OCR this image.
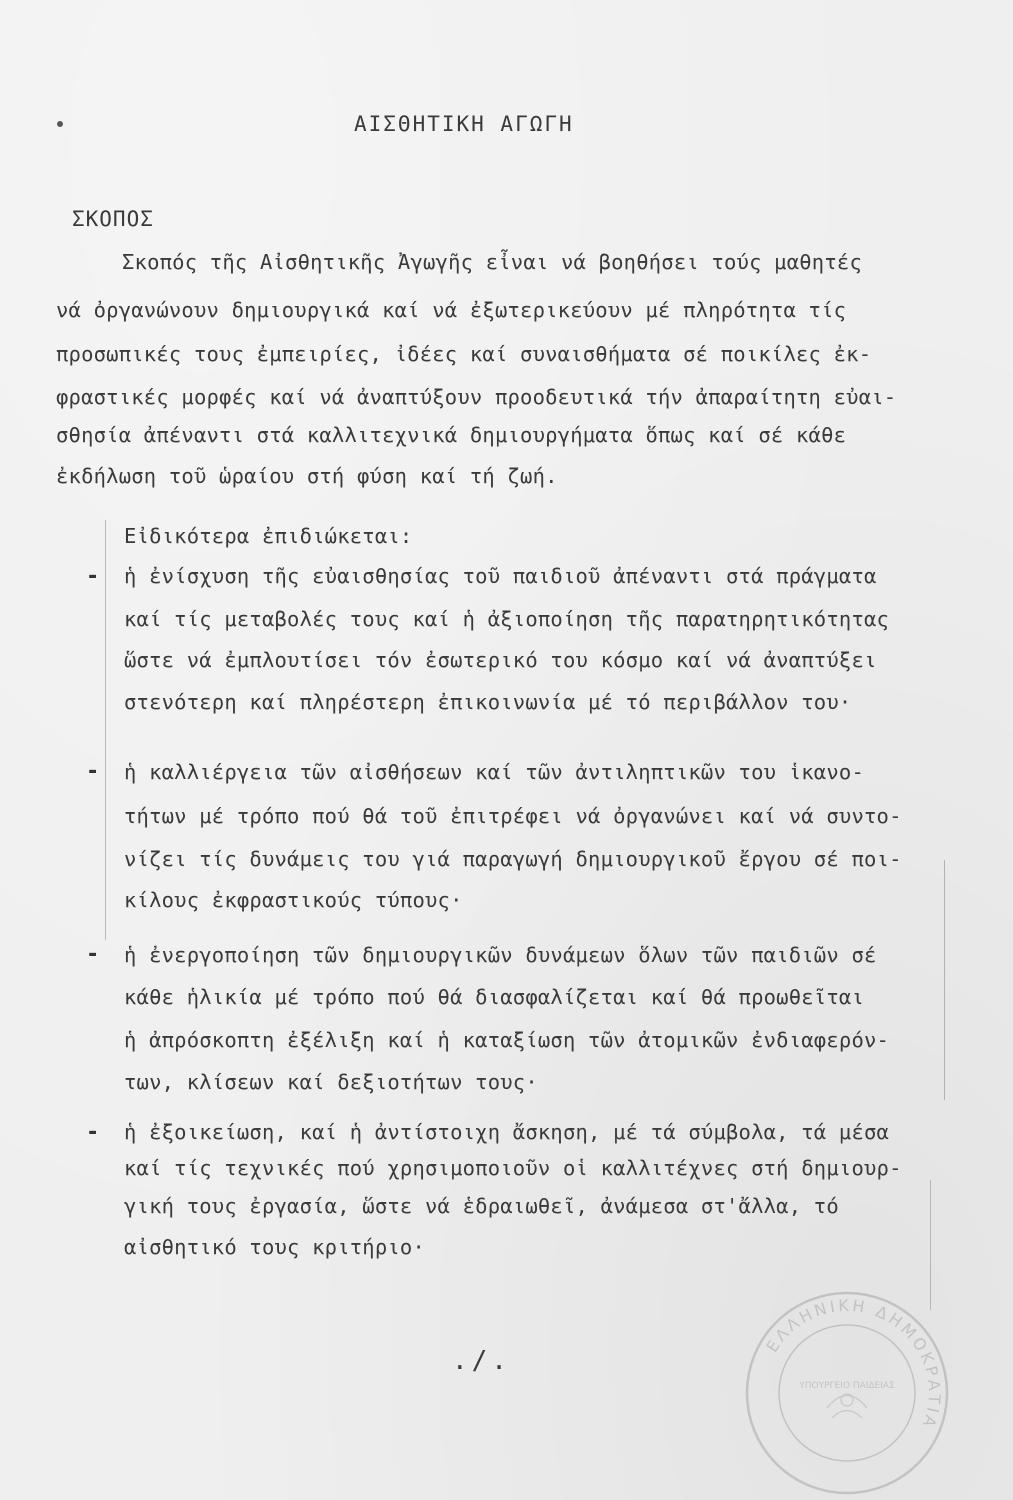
ΑΙΣΘΗΤΙΚΗ ΑΓΩΓΗ
ΣΚΟΠΟΣ
Σκοπός τῆς Αἰσθητικῆς Ἀγωγῆς εἶναι νά βοηθήσει τούς μαθητές
νά ὀργανώνουν δημιουργικά καί νά ἐξωτερικεύουν μέ πληρότητα τίς
προσωπικές τους ἐμπειρίες, ἰδέες καί συναισθήματα σέ ποικίλες ἐκ-
φραστικές μορφές καί νά ἀναπτύξουν προοδευτικά τήν ἀπαραίτητη εὐαι-
σθησία ἀπέναντι στά καλλιτεχνικά δημιουργήματα ὅπως καί σέ κάθε
ἐκδήλωση τοῦ ὡραίου στή φύση καί τή ζωή.
Εἰδικότερα ἐπιδιώκεται:
- ἡ ἐνίσχυση τῆς εὐαισθησίας τοῦ παιδιοῦ ἀπέναντι στά πράγματα
καί τίς μεταβολές τους καί ἡ ἀξιοποίηση τῆς παρατηρητικότητας
ὥστε νά ἐμπλουτίσει τόν ἐσωτερικό του κόσμο καί νά ἀναπτύξει
στενότερη καί πληρέστερη ἐπικοινωνία μέ τό περιβάλλον του·
- ἡ καλλιέργεια τῶν αἰσθήσεων καί τῶν ἀντιληπτικῶν του ἱκανο-
τήτων μέ τρόπο πού θά τοῦ ἐπιτρέφει νά ὀργανώνει καί νά συντο-
νίζει τίς δυνάμεις του γιά παραγωγή δημιουργικοῦ ἔργου σέ ποι-
κίλους ἐκφραστικούς τύπους·
- ἡ ἐνεργοποίηση τῶν δημιουργικῶν δυνάμεων ὅλων τῶν παιδιῶν σέ
κάθε ἡλικία μέ τρόπο πού θά διασφαλίζεται καί θά προωθεῖται
ἡ ἀπρόσκοπτη ἐξέλιξη καί ἡ καταξίωση τῶν ἀτομικῶν ἐνδιαφερόν-
των, κλίσεων καί δεξιοτήτων τους·
- ἡ ἐξοικείωση, καί ἡ ἀντίστοιχη ἄσκηση, μέ τά σύμβολα, τά μέσα
καί τίς τεχνικές πού χρησιμοποιοῦν οἱ καλλιτέχνες στή δημιουρ-
γική τους ἐργασία, ὥστε νά ἑδραιωθεῖ, ἀνάμεσα στ'ἄλλα, τό
αἰσθητικό τους κριτήριο·
./.
ΕΛΛΗΝΙΚΗ ΔΗΜΟΚΡΑΤΙΑ
ΥΠΟΥΡΓΕΙΟ ΠΑΙΔΕΙΑΣ
